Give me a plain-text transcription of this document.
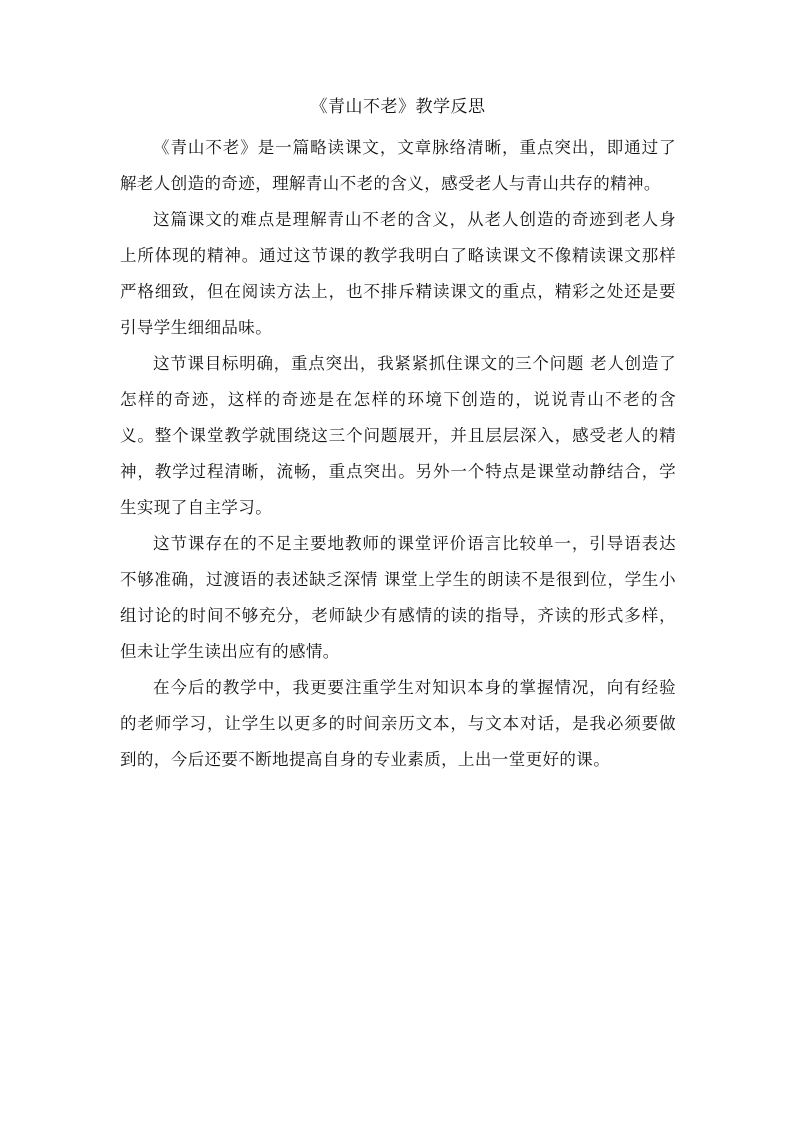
《青山不老》教学反思

《青山不老》是一篇略读课文，文章脉络清晰，重点突出，即通过了解老人创造的奇迹，理解青山不老的含义，感受老人与青山共存的精神。

这篇课文的难点是理解青山不老的含义，从老人创造的奇迹到老人身上所体现的精神。通过这节课的教学我明白了略读课文不像精读课文那样严格细致，但在阅读方法上，也不排斥精读课文的重点，精彩之处还是要引导学生细细品味。

这节课目标明确，重点突出，我紧紧抓住课文的三个问题 老人创造了怎样的奇迹，这样的奇迹是在怎样的环境下创造的，说说青山不老的含义。整个课堂教学就围绕这三个问题展开，并且层层深入，感受老人的精神，教学过程清晰，流畅，重点突出。另外一个特点是课堂动静结合，学生实现了自主学习。

这节课存在的不足主要地教师的课堂评价语言比较单一，引导语表达不够准确，过渡语的表述缺乏深情 课堂上学生的朗读不是很到位，学生小组讨论的时间不够充分，老师缺少有感情的读的指导，齐读的形式多样，但未让学生读出应有的感情。

在今后的教学中，我更要注重学生对知识本身的掌握情况，向有经验的老师学习，让学生以更多的时间亲历文本，与文本对话，是我必须要做到的，今后还要不断地提高自身的专业素质，上出一堂更好的课。
